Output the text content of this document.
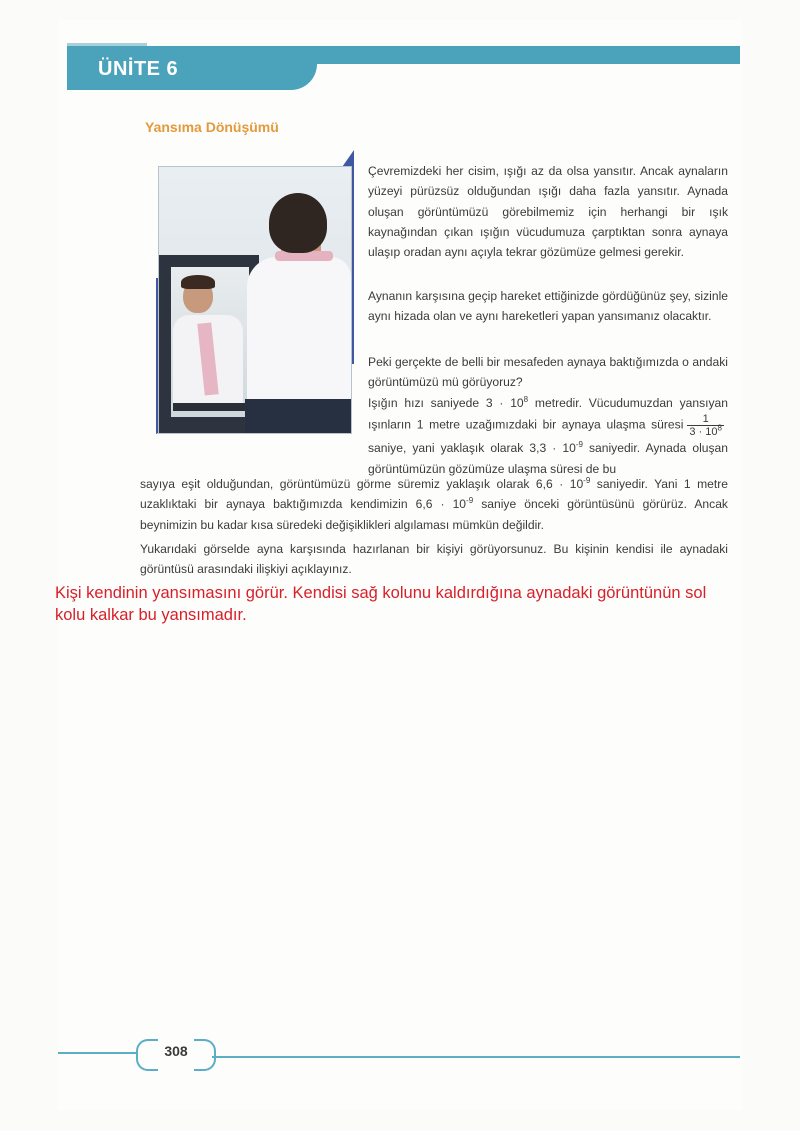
ÜNİTE 6
Yansıma Dönüşümü

Çevremizdeki her cisim, ışığı az da olsa yansıtır. Ancak aynaların yüzeyi pürüzsüz olduğundan ışığı daha fazla yansıtır. Aynada oluşan görüntümüzü görebilmemiz için herhangi bir ışık kaynağından çıkan ışığın vücudumuza çarptıktan sonra aynaya ulaşıp oradan aynı açıyla tekrar gözümüze gelmesi gerekir.

Aynanın karşısına geçip hareket ettiğinizde gördüğünüz şey, sizinle aynı hizada olan ve aynı hareketleri yapan yansımanız olacaktır.

Peki gerçekte de belli bir mesafeden aynaya baktığımızda o andaki görüntümüzü mü görüyoruz?

Işığın hızı saniyede $3 \cdot 10^8$ metredir. Vücudumuzdan yansıyan ışınların 1 metre uzağımızdaki bir aynaya ulaşma süresi $\frac{1}{3 \cdot 10^8}$
saniye, yani yaklaşık olarak $3,3 \cdot 10^{-9}$ saniyedir. Aynada oluşan görüntümüzün gözümüze ulaşma süresi de bu

sayıya eşit olduğundan, görüntümüzü görme süremiz yaklaşık olarak $6,6 \cdot 10^{-9}$ saniyedir. Yani 1 metre uzaklıktaki bir aynaya baktığımızda kendimizin $6,6 \cdot 10^{-9}$ saniye önceki görüntüsünü görürüz. Ancak beynimizin bu kadar kısa süredeki değişiklikleri algılaması mümkün değildir.

Yukarıdaki görselde ayna karşısında hazırlanan bir kişiyi görüyorsunuz. Bu kişinin kendisi ile aynadaki görüntüsü arasındaki ilişkiyi açıklayınız.

Kişi kendinin yansımasını görür. Kendisi sağ kolunu kaldırdığına aynadaki görüntünün sol kolu kalkar bu yansımadır.
308
